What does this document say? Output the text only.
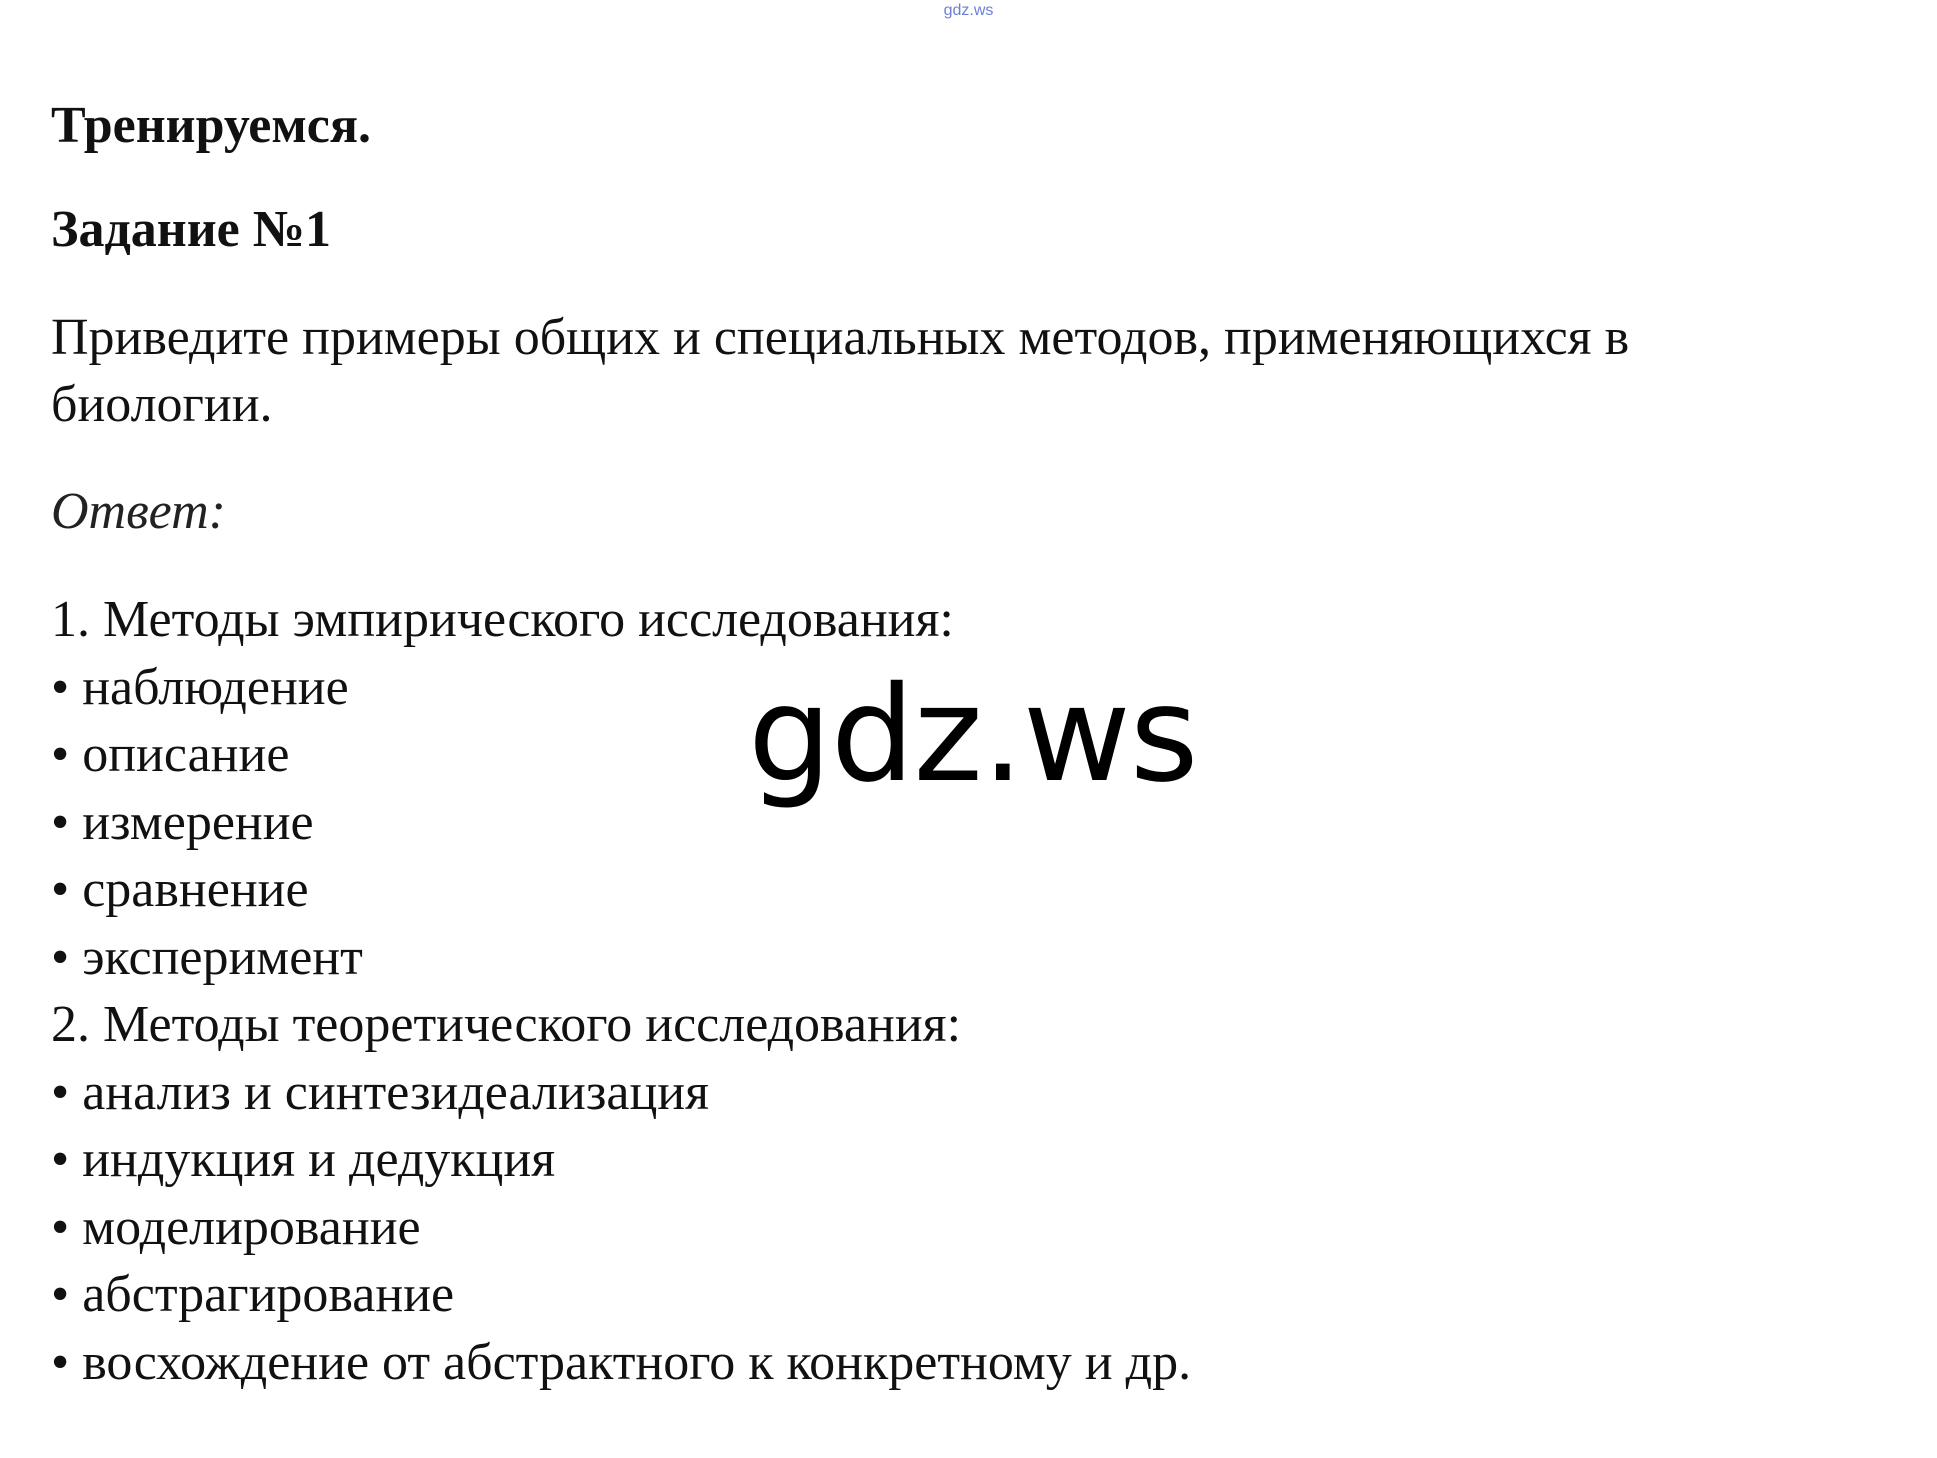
gdz.ws
Тренируемся.
Задание №1
Приведите примеры общих и специальных методов, применяющихся в
биологии.
Ответ:
1. Методы эмпирического исследования:
• наблюдение
• описание
• измерение
• сравнение
• эксперимент
2. Методы теоретического исследования:
• анализ и синтезидеализация
• индукция и дедукция
• моделирование
• абстрагирование
• восхождение от абстрактного к конкретному и др.
gdz.ws
